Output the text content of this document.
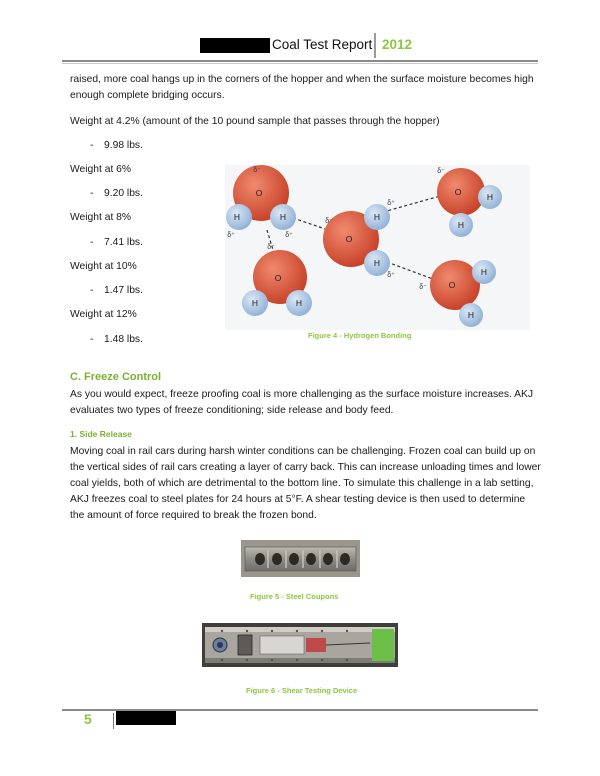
Coal Test Report 2012
raised, more coal hangs up in the corners of the hopper and when the surface moisture becomes high enough complete bridging occurs.
Weight at 4.2% (amount of the 10 pound sample that passes through the hopper)
- 9.98 lbs.
Weight at 6%
- 9.20 lbs.
Weight at 8%
- 7.41 lbs.
Weight at 10%
- 1.47 lbs.
Weight at 12%
- 1.48 lbs.
O
H	H
O
H	H
O
H
H
O	H
H
O
H
H
δ⁻
δ⁺	δ⁺
δ⁻
δ⁻
δ⁺
δ⁺
δ⁻
δ⁻
Figure 4 - Hydrogen Bonding
C. Freeze Control
As you would expect, freeze proofing coal is more challenging as the surface moisture increases. AKJ evaluates two types of freeze conditioning; side release and body feed.
1. Side Release
Moving coal in rail cars during harsh winter conditions can be challenging. Frozen coal can build up on the vertical sides of rail cars creating a layer of carry back. This can increase unloading times and lower coal yields, both of which are detrimental to the bottom line. To simulate this challenge in a lab setting, AKJ freezes coal to steel plates for 24 hours at 5°F. A shear testing device is then used to determine the amount of force required to break the frozen bond.
Figure 5 - Steel Coupons
Figure 6 - Shear Testing Device
5
